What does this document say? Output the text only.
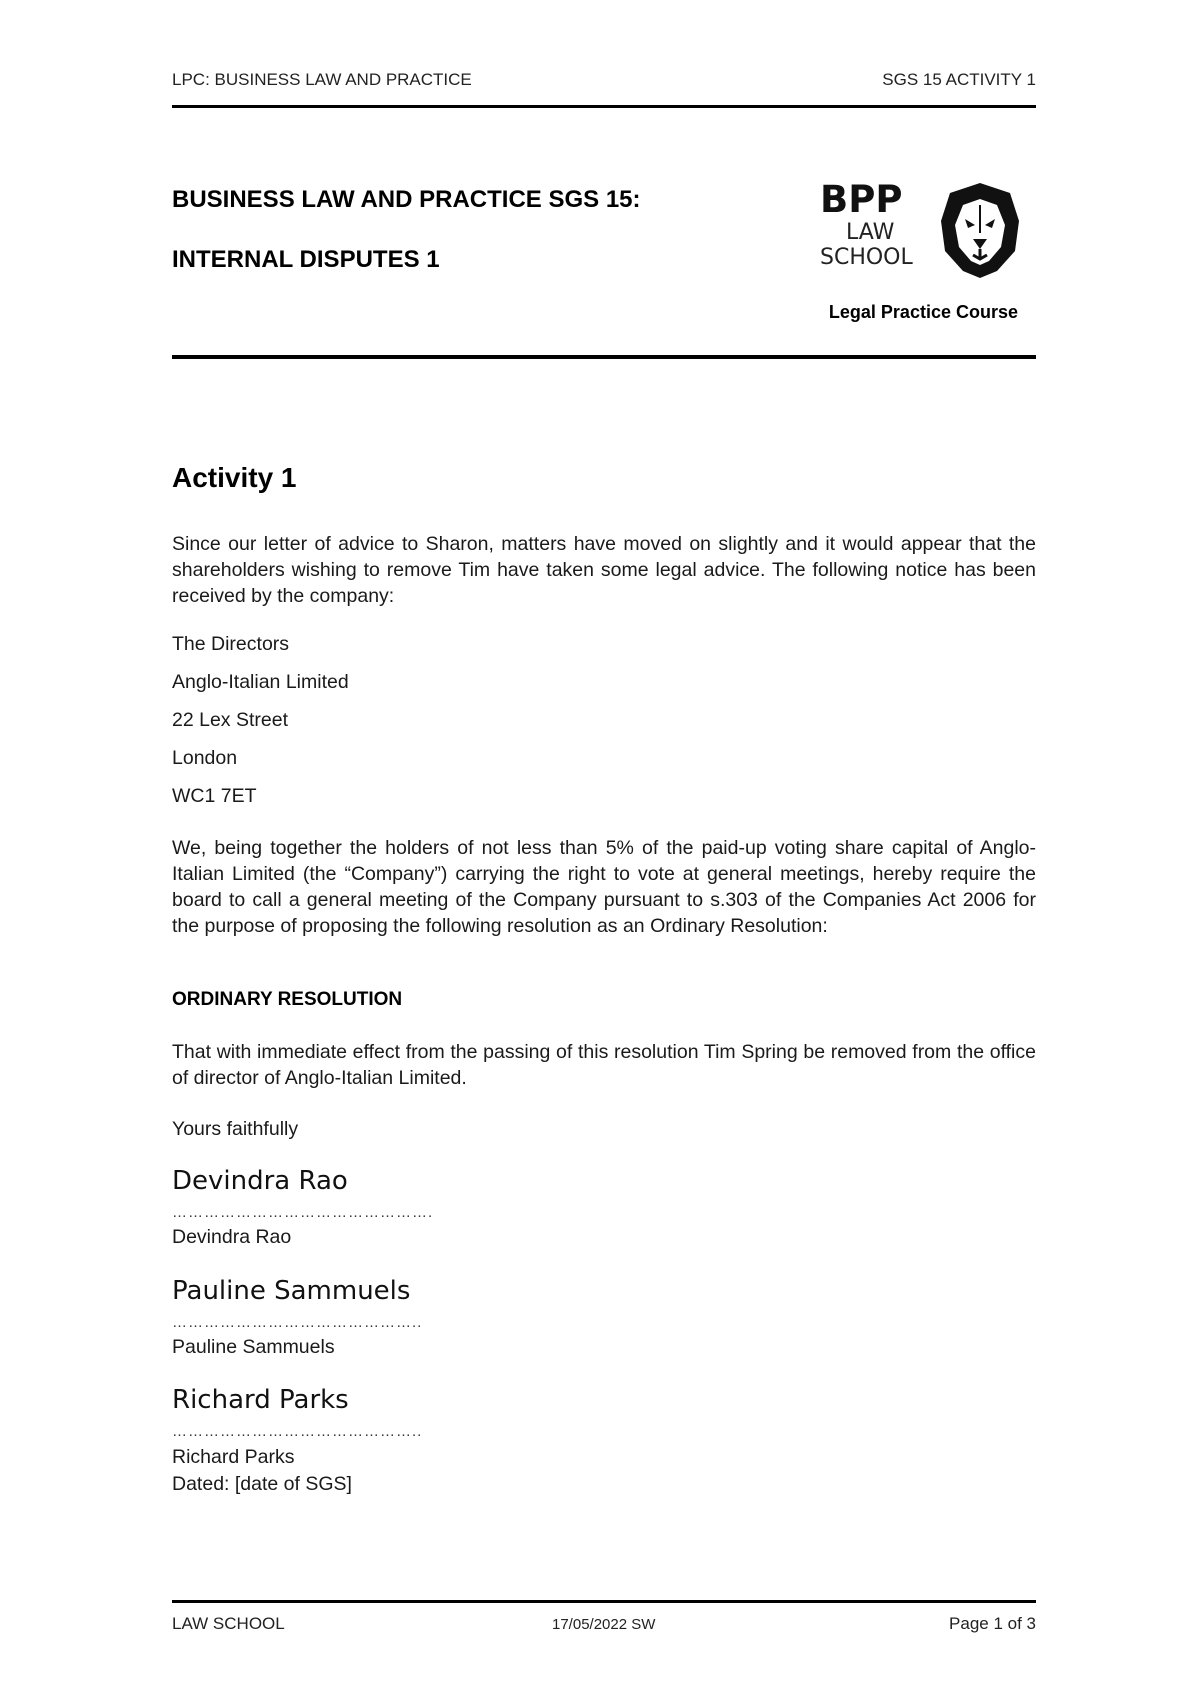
LPC: BUSINESS LAW AND PRACTICE	SGS 15 ACTIVITY 1
BUSINESS LAW AND PRACTICE SGS 15:
INTERNAL DISPUTES 1
BPP
LAW
SCHOOL
Legal Practice Course
Activity 1
Since our letter of advice to Sharon, matters have moved on slightly and it would appear that the shareholders wishing to remove Tim have taken some legal advice. The following notice has been received by the company:
The Directors
Anglo-Italian Limited
22 Lex Street
London
WC1 7ET
We, being together the holders of not less than 5% of the paid-up voting share capital of Anglo-Italian Limited (the “Company”) carrying the right to vote at general meetings, hereby require the board to call a general meeting of the Company pursuant to s.303 of the Companies Act 2006 for the purpose of proposing the following resolution as an Ordinary Resolution:
ORDINARY RESOLUTION
That with immediate effect from the passing of this resolution Tim Spring be removed from the office of director of Anglo-Italian Limited.
Yours faithfully
Devindra Rao
………………………………………….
Devindra Rao
Pauline Sammuels
………………………………………..
Pauline Sammuels
Richard Parks
………………………………………..
Richard Parks
Dated: [date of SGS]
LAW SCHOOL	17/05/2022 SW	Page 1 of 3
